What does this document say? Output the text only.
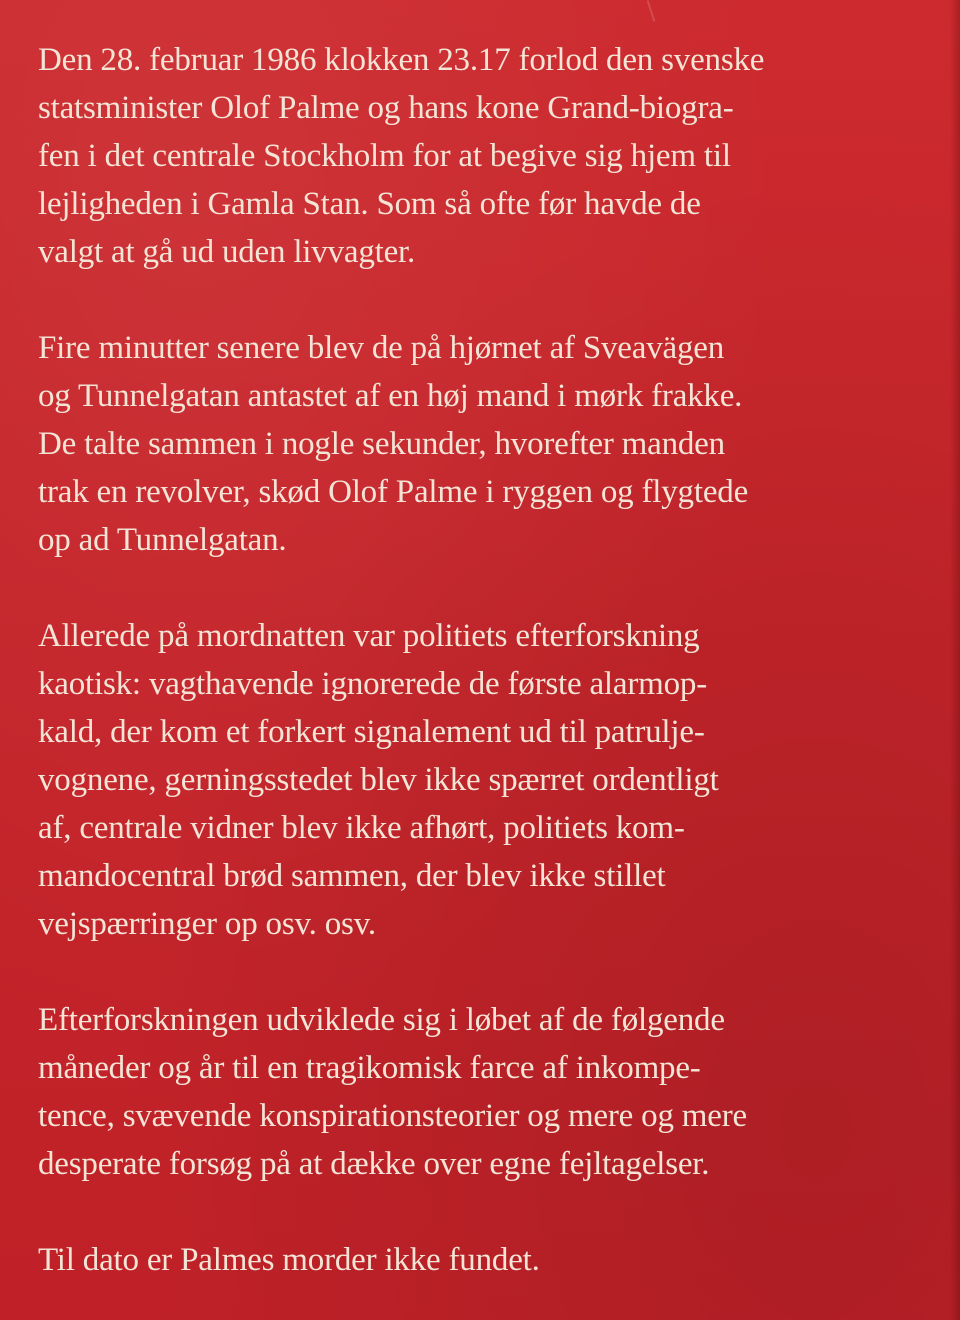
Den 28. februar 1986 klokken 23.17 forlod den svenske
statsminister Olof Palme og hans kone Grand-biogra-
fen i det centrale Stockholm for at begive sig hjem til
lejligheden i Gamla Stan. Som så ofte før havde de
valgt at gå ud uden livvagter.

Fire minutter senere blev de på hjørnet af Sveavägen
og Tunnelgatan antastet af en høj mand i mørk frakke.
De talte sammen i nogle sekunder, hvorefter manden
trak en revolver, skød Olof Palme i ryggen og flygtede
op ad Tunnelgatan.

Allerede på mordnatten var politiets efterforskning
kaotisk: vagthavende ignorerede de første alarmop-
kald, der kom et forkert signalement ud til patrulje-
vognene, gerningsstedet blev ikke spærret ordentligt
af, centrale vidner blev ikke afhørt, politiets kom-
mandocentral brød sammen, der blev ikke stillet
vejspærringer op osv. osv.

Efterforskningen udviklede sig i løbet af de følgende
måneder og år til en tragikomisk farce af inkompe-
tence, svævende konspirationsteorier og mere og mere
desperate forsøg på at dække over egne fejltagelser.

Til dato er Palmes morder ikke fundet.
